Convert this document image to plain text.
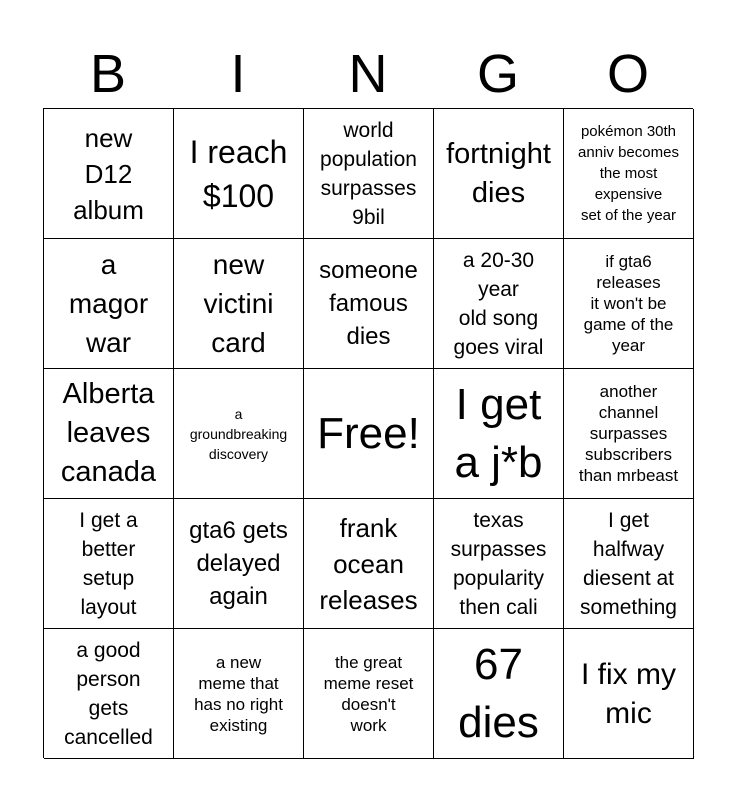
B	I	N	G	O
new
D12
album
I reach
$100
world
population
surpasses
9bil
fortnight
dies
pokémon 30th
anniv becomes
the most
expensive
set of the year
a
magor
war
new
victini
card
someone
famous
dies
a 20-30
year
old song
goes viral
if gta6
releases
it won't be
game of the
year
Alberta
leaves
canada
a
groundbreaking
discovery	Free!
I get
a j*b
another
channel
surpasses
subscribers
than mrbeast
I get a
better
setup
layout
gta6 gets
delayed
again
frank
ocean
releases
texas
surpasses
popularity
then cali
I get
halfway
diesent at
something
a good
person
gets
cancelled
a new
meme that
has no right
existing
the great
meme reset
doesn't
work
67
dies
I fix my
mic
